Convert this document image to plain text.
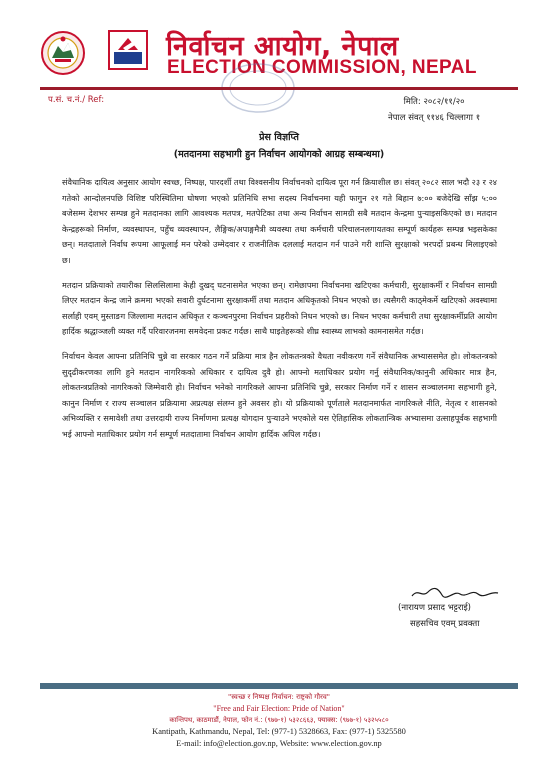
निर्वाचन आयोग, नेपाल
ELECTION COMMISSION, NEPAL
प.सं. च.नं./ Ref:	मिति: २०८२/११/२०
नेपाल संवत् ११४६ चिल्लागा १
प्रेस विज्ञप्ति
(मतदानमा सहभागी हुन निर्वाचन आयोगको आग्रह सम्बन्धमा)

संवैधानिक दायित्व अनुसार आयोग स्वच्छ, निष्पक्ष, पारदर्शी तथा विश्वसनीय निर्वाचनको दायित्व पूरा गर्न क्रियाशील छ। संवत् २०८२ साल भदौ २३ र २४ गतेको आन्दोलनपछि विशिष्ट परिस्थितिमा घोषणा भएको प्रतिनिधि सभा सदस्य निर्वाचनमा यही फागुन २१ गते बिहान ७:०० बजेदेखि साँझ ५:०० बजेसम्म देशभर सम्पन्न हुने मतदानका लागि आवश्यक मतपत्र, मतपेटिका तथा अन्य निर्वाचन सामग्री सबै मतदान केन्द्रमा पुऱ्याइसकिएको छ। मतदान केन्द्रहरूको निर्माण, व्यवस्थापन, पहुँच व्यवस्थापन, लैङ्गिक/अपाङ्गमैत्री व्यवस्था तथा कर्मचारी परिचालनलगायतका सम्पूर्ण कार्यहरू सम्पन्न भइसकेका छन्। मतदाताले निर्वाध रूपमा आफूलाई मन परेको उम्मेदवार र राजनीतिक दललाई मतदान गर्न पाउने गरी शान्ति सुरक्षाको भरपर्दो प्रबन्ध मिलाइएको छ।

मतदान प्रक्रियाको तयारीका सिलसिलामा केही दुखद् घटनासमेत भएका छन्। रामेछापमा निर्वाचनमा खटिएका कर्मचारी, सुरक्षाकर्मी र निर्वाचन सामग्री लिएर मतदान केन्द्र जाने क्रममा भएको सवारी दुर्घटनामा सुरक्षाकर्मी तथा मतदान अधिकृतको निधन भएको छ। त्यसैगरी काठ्मेकर्मे खटिएको अवस्थामा सर्लाही एवम् मुस्ताङग जिल्लामा मतदान अधिकृत र कञ्चनपुरमा निर्वाचन प्रहरीको निधन भएको छ। निधन भएका कर्मचारी तथा सुरक्षाकर्मीप्रति आयोग हार्दिक श्रद्धाञ्जली व्यक्त गर्दै परिवारजनमा समवेदना प्रकट गर्दछ। साथै घाइतेहरूको शीघ्र स्वास्थ्य लाभको कामनासमेत गर्दछ।

निर्वाचन केवल आफ्ना प्रतिनिधि चुन्ने वा सरकार गठन गर्ने प्रक्रिया मात्र हैन लोकतन्त्रको वैधता नवीकरण गर्ने संवैधानिक अभ्याससमेत हो। लोकतन्त्रको सुदृढीकरणका लागि हुने मतदान नागरिकको अधिकार र दायित्व दुवै हो। आफ्नो मताधिकार प्रयोग गर्नु संवैधानिक/कानुनी अधिकार मात्र हैन, लोकतन्त्रप्रतिको नागरिकको जिम्मेवारी हो। निर्वाचन भनेको नागरिकले आफ्ना प्रतिनिधि चुन्ने, सरकार निर्माण गर्ने र शासन सञ्चालनमा सहभागी हुने, कानुन निर्माण र राज्य सञ्चालन प्रक्रियामा अप्रत्यक्ष संलग्न हुने अवसर हो। यो प्रक्रियाको पूर्णताले मतदानमार्फत नागरिकले नीति, नेतृत्व र शासनको अभिव्यक्ति र समावेशी तथा उत्तरदायी राज्य निर्माणमा प्रत्यक्ष योगदान पुऱ्याउने भएकोले यस ऐतिहासिक लोकतान्त्रिक अभ्यासमा उत्साहपूर्वक सहभागी भई आफ्नो मताधिकार प्रयोग गर्न सम्पूर्ण मतदातामा निर्वाचन आयोग हार्दिक अपिल गर्दछ।

(नारायण प्रसाद भट्टराई)
सहसचिव एवम् प्रवक्ता
"स्वच्छ र निष्पक्ष निर्वाचन: राष्ट्रको गौरव"
"Free and Fair Election: Pride of Nation"
कान्तिपथ, काठमाडौं, नेपाल, फोन नं.: (९७७-१) ५३२८६६३, फ्याक्स: (९७७-१) ५३२५५८०
Kantipath, Kathmandu, Nepal, Tel: (977-1) 5328663, Fax: (977-1) 5325580
E-mail: info@election.gov.np, Website: www.election.gov.np
